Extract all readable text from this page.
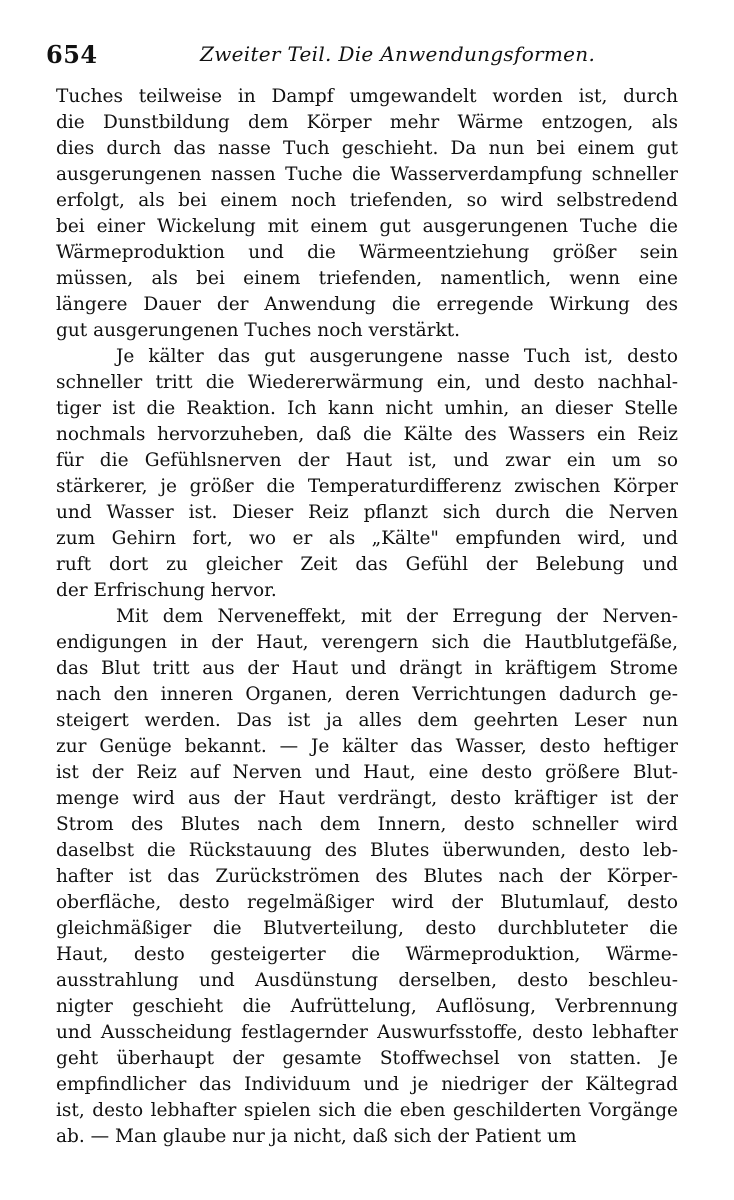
654	Zweiter Teil. Die Anwendungsformen.
Tuches teilweise in Dampf umgewandelt worden ist, durch
die Dunstbildung dem Körper mehr Wärme entzogen, als
dies durch das nasse Tuch geschieht. Da nun bei einem gut
ausgerungenen nassen Tuche die Wasserverdampfung schneller
erfolgt, als bei einem noch triefenden, so wird selbstredend
bei einer Wickelung mit einem gut ausgerungenen Tuche die
Wärmeproduktion und die Wärmeentziehung größer sein
müssen, als bei einem triefenden, namentlich, wenn eine
längere Dauer der Anwendung die erregende Wirkung des
gut ausgerungenen Tuches noch verstärkt.
Je kälter das gut ausgerungene nasse Tuch ist, desto
schneller tritt die Wiedererwärmung ein, und desto nachhal-
tiger ist die Reaktion. Ich kann nicht umhin, an dieser Stelle
nochmals hervorzuheben, daß die Kälte des Wassers ein Reiz
für die Gefühlsnerven der Haut ist, und zwar ein um so
stärkerer, je größer die Temperaturdifferenz zwischen Körper
und Wasser ist. Dieser Reiz pflanzt sich durch die Nerven
zum Gehirn fort, wo er als „Kälte" empfunden wird, und
ruft dort zu gleicher Zeit das Gefühl der Belebung und
der Erfrischung hervor.
Mit dem Nerveneffekt, mit der Erregung der Nerven-
endigungen in der Haut, verengern sich die Hautblutgefäße,
das Blut tritt aus der Haut und drängt in kräftigem Strome
nach den inneren Organen, deren Verrichtungen dadurch ge-
steigert werden. Das ist ja alles dem geehrten Leser nun
zur Genüge bekannt. — Je kälter das Wasser, desto heftiger
ist der Reiz auf Nerven und Haut, eine desto größere Blut-
menge wird aus der Haut verdrängt, desto kräftiger ist der
Strom des Blutes nach dem Innern, desto schneller wird
daselbst die Rückstauung des Blutes überwunden, desto leb-
hafter ist das Zurückströmen des Blutes nach der Körper-
oberfläche, desto regelmäßiger wird der Blutumlauf, desto
gleichmäßiger die Blutverteilung, desto durchbluteter die
Haut, desto gesteigerter die Wärmeproduktion, Wärme-
ausstrahlung und Ausdünstung derselben, desto beschleu-
nigter geschieht die Aufrüttelung, Auflösung, Verbrennung
und Ausscheidung festlagernder Auswurfsstoffe, desto lebhafter
geht überhaupt der gesamte Stoffwechsel von statten. Je
empfindlicher das Individuum und je niedriger der Kältegrad
ist, desto lebhafter spielen sich die eben geschilderten Vorgänge
ab. — Man glaube nur ja nicht, daß sich der Patient um
